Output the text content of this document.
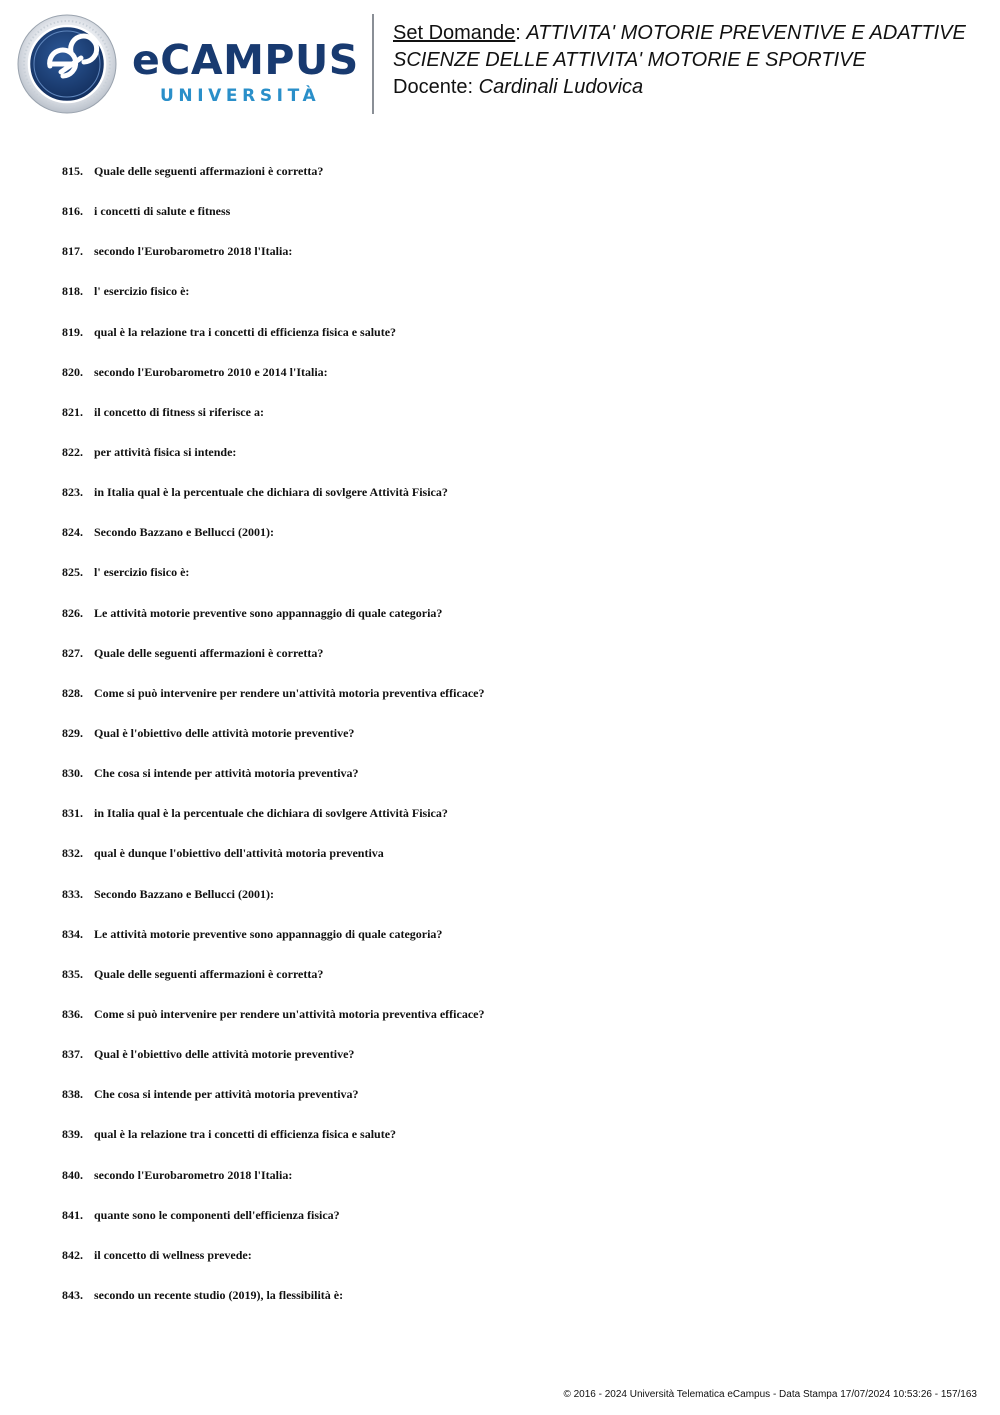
eCAMPUS
UNIVERSITÀ
Set Domande: ATTIVITA' MOTORIE PREVENTIVE E ADATTIVE
SCIENZE DELLE ATTIVITA' MOTORIE E SPORTIVE
Docente: Cardinali Ludovica
815. Quale delle seguenti affermazioni è corretta?
816. i concetti di salute e fitness
817. secondo l'Eurobarometro 2018 l'Italia:
818. l' esercizio fisico è:
819. qual è la relazione tra i concetti di efficienza fisica e salute?
820. secondo l'Eurobarometro 2010 e 2014 l'Italia:
821. il concetto di fitness si riferisce a:
822. per attività fisica si intende:
823. in Italia qual è la percentuale che dichiara di sovlgere Attività Fisica?
824. Secondo Bazzano e Bellucci (2001):
825. l' esercizio fisico è:
826. Le attività motorie preventive sono appannaggio di quale categoria?
827. Quale delle seguenti affermazioni è corretta?
828. Come si può intervenire per rendere un'attività motoria preventiva efficace?
829. Qual è l'obiettivo delle attività motorie preventive?
830. Che cosa si intende per attività motoria preventiva?
831. in Italia qual è la percentuale che dichiara di sovlgere Attività Fisica?
832. qual è dunque l'obiettivo dell'attività motoria preventiva
833. Secondo Bazzano e Bellucci (2001):
834. Le attività motorie preventive sono appannaggio di quale categoria?
835. Quale delle seguenti affermazioni è corretta?
836. Come si può intervenire per rendere un'attività motoria preventiva efficace?
837. Qual è l'obiettivo delle attività motorie preventive?
838. Che cosa si intende per attività motoria preventiva?
839. qual è la relazione tra i concetti di efficienza fisica e salute?
840. secondo l'Eurobarometro 2018 l'Italia:
841. quante sono le componenti dell'efficienza fisica?
842. il concetto di wellness prevede:
843. secondo un recente studio (2019), la flessibilità è:
© 2016 - 2024 Università Telematica eCampus - Data Stampa 17/07/2024 10:53:26 - 157/163
